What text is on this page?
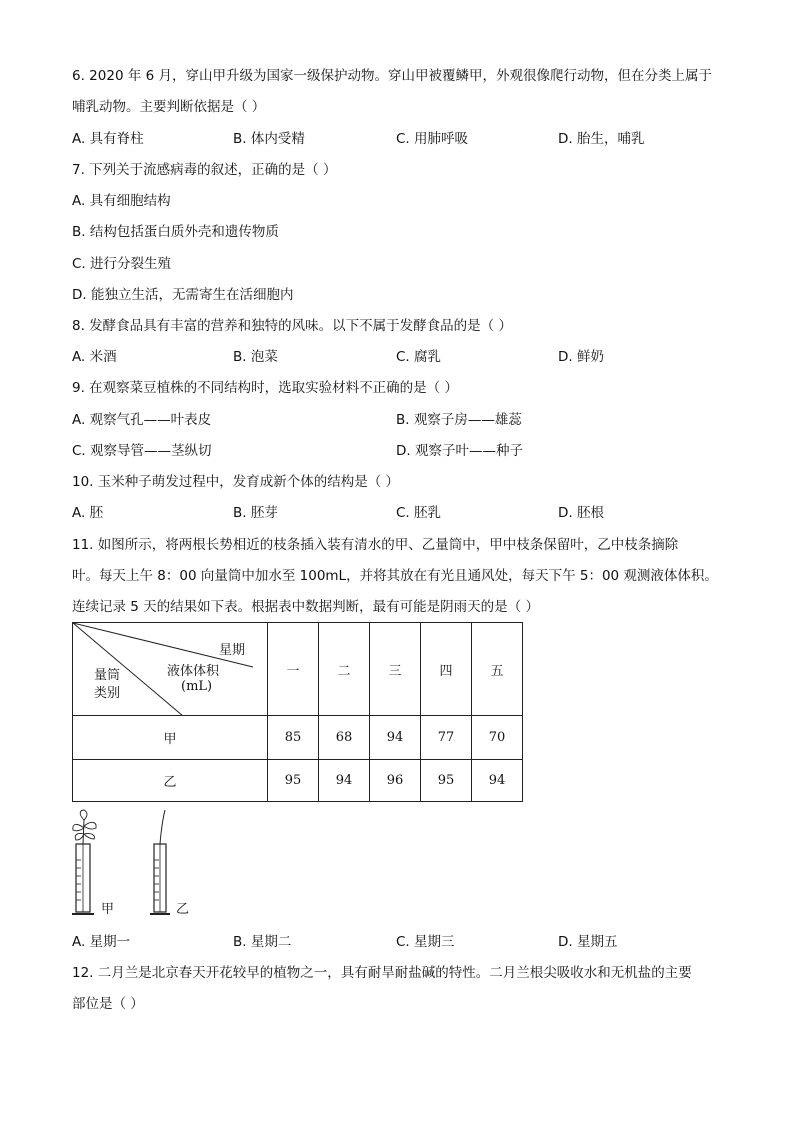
6. 2020 年 6 月，穿山甲升级为国家一级保护动物。穿山甲被覆鳞甲，外观很像爬行动物，但在分类上属于
哺乳动物。主要判断依据是（ ）
A. 具有脊柱	B. 体内受精	C. 用肺呼吸	D. 胎生，哺乳
7. 下列关于流感病毒的叙述，正确的是（ ）
A. 具有细胞结构
B. 结构包括蛋白质外壳和遗传物质
C. 进行分裂生殖
D. 能独立生活，无需寄生在活细胞内
8. 发酵食品具有丰富的营养和独特的风味。以下不属于发酵食品的是（ ）
A. 米酒	B. 泡菜	C. 腐乳	D. 鲜奶
9. 在观察菜豆植株的不同结构时，选取实验材料不正确的是（ ）
A. 观察气孔——叶表皮	B. 观察子房——雄蕊
C. 观察导管——茎纵切	D. 观察子叶——种子
10. 玉米种子萌发过程中，发育成新个体的结构是（ ）
A. 胚	B. 胚芽	C. 胚乳	D. 胚根
11. 如图所示，将两根长势相近的枝条插入装有清水的甲、乙量筒中，甲中枝条保留叶，乙中枝条摘除
叶。每天上午 8：00 向量筒中加水至 100mL，并将其放在有光且通风处，每天下午 5：00 观测液体体积。
连续记录 5 天的结果如下表。根据表中数据判断，最有可能是阴雨天的是（ ）
星期
液体体积
(mL)
量筒
类别	一	二	三	四	五
甲	85	68	94	77	70
乙	95	94	96	95	94
甲	乙
A. 星期一	B. 星期二	C. 星期三	D. 星期五
12. 二月兰是北京春天开花较早的植物之一，具有耐旱耐盐碱的特性。二月兰根尖吸收水和无机盐的主要
部位是（ ）
